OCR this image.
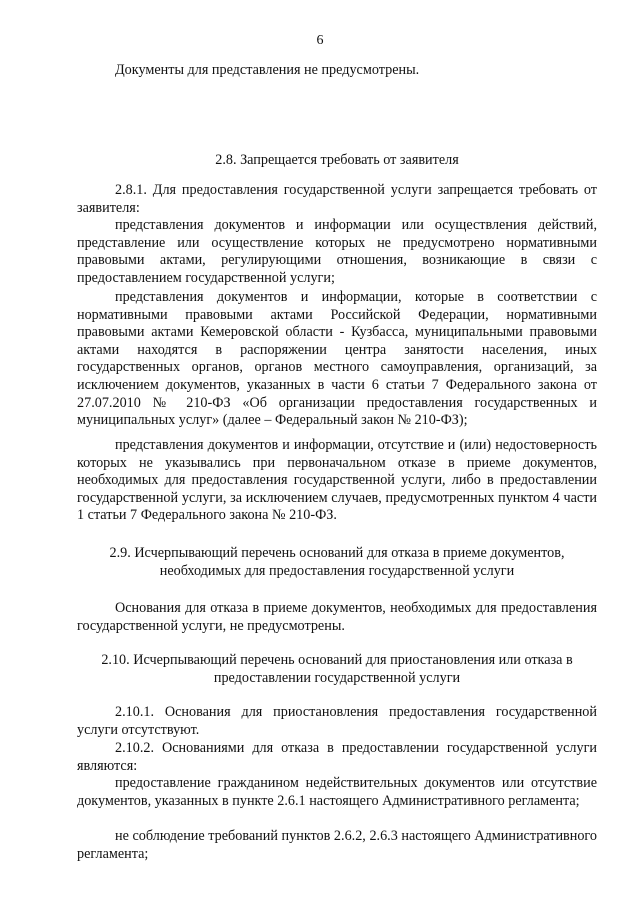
6

Документы для представления не предусмотрены.

2.8. Запрещается требовать от заявителя

2.8.1. Для предоставления государственной услуги запрещается требовать от заявителя:

представления документов и информации или осуществления действий, представление или осуществление которых не предусмотрено нормативными правовыми актами, регулирующими отношения, возникающие в связи с предоставлением государственной услуги;

представления документов и информации, которые в соответствии с нормативными правовыми актами Российской Федерации, нормативными правовыми актами Кемеровской области - Кузбасса, муниципальными правовыми актами находятся в распоряжении центра занятости населения, иных государственных органов, органов местного самоуправления, организаций, за исключением документов, указанных в части 6 статьи 7 Федерального закона от 27.07.2010 № 210-ФЗ «Об организации предоставления государственных и муниципальных услуг» (далее – Федеральный закон № 210-ФЗ);

представления документов и информации, отсутствие и (или) недостоверность которых не указывались при первоначальном отказе в приеме документов, необходимых для предоставления государственной услуги, либо в предоставлении государственной услуги, за исключением случаев, предусмотренных пунктом 4 части 1 статьи 7 Федерального закона № 210-ФЗ.

2.9. Исчерпывающий перечень оснований для отказа в приеме документов,

необходимых для предоставления государственной услуги

Основания для отказа в приеме документов, необходимых для предоставления государственной услуги, не предусмотрены.

2.10. Исчерпывающий перечень оснований для приостановления или отказа в

предоставлении государственной услуги

2.10.1. Основания для приостановления предоставления государственной услуги отсутствуют.

2.10.2. Основаниями для отказа в предоставлении государственной услуги являются:

предоставление гражданином недействительных документов или отсутствие документов, указанных в пункте 2.6.1 настоящего Административного регламента;

не соблюдение требований пунктов 2.6.2, 2.6.3 настоящего Административного регламента;
